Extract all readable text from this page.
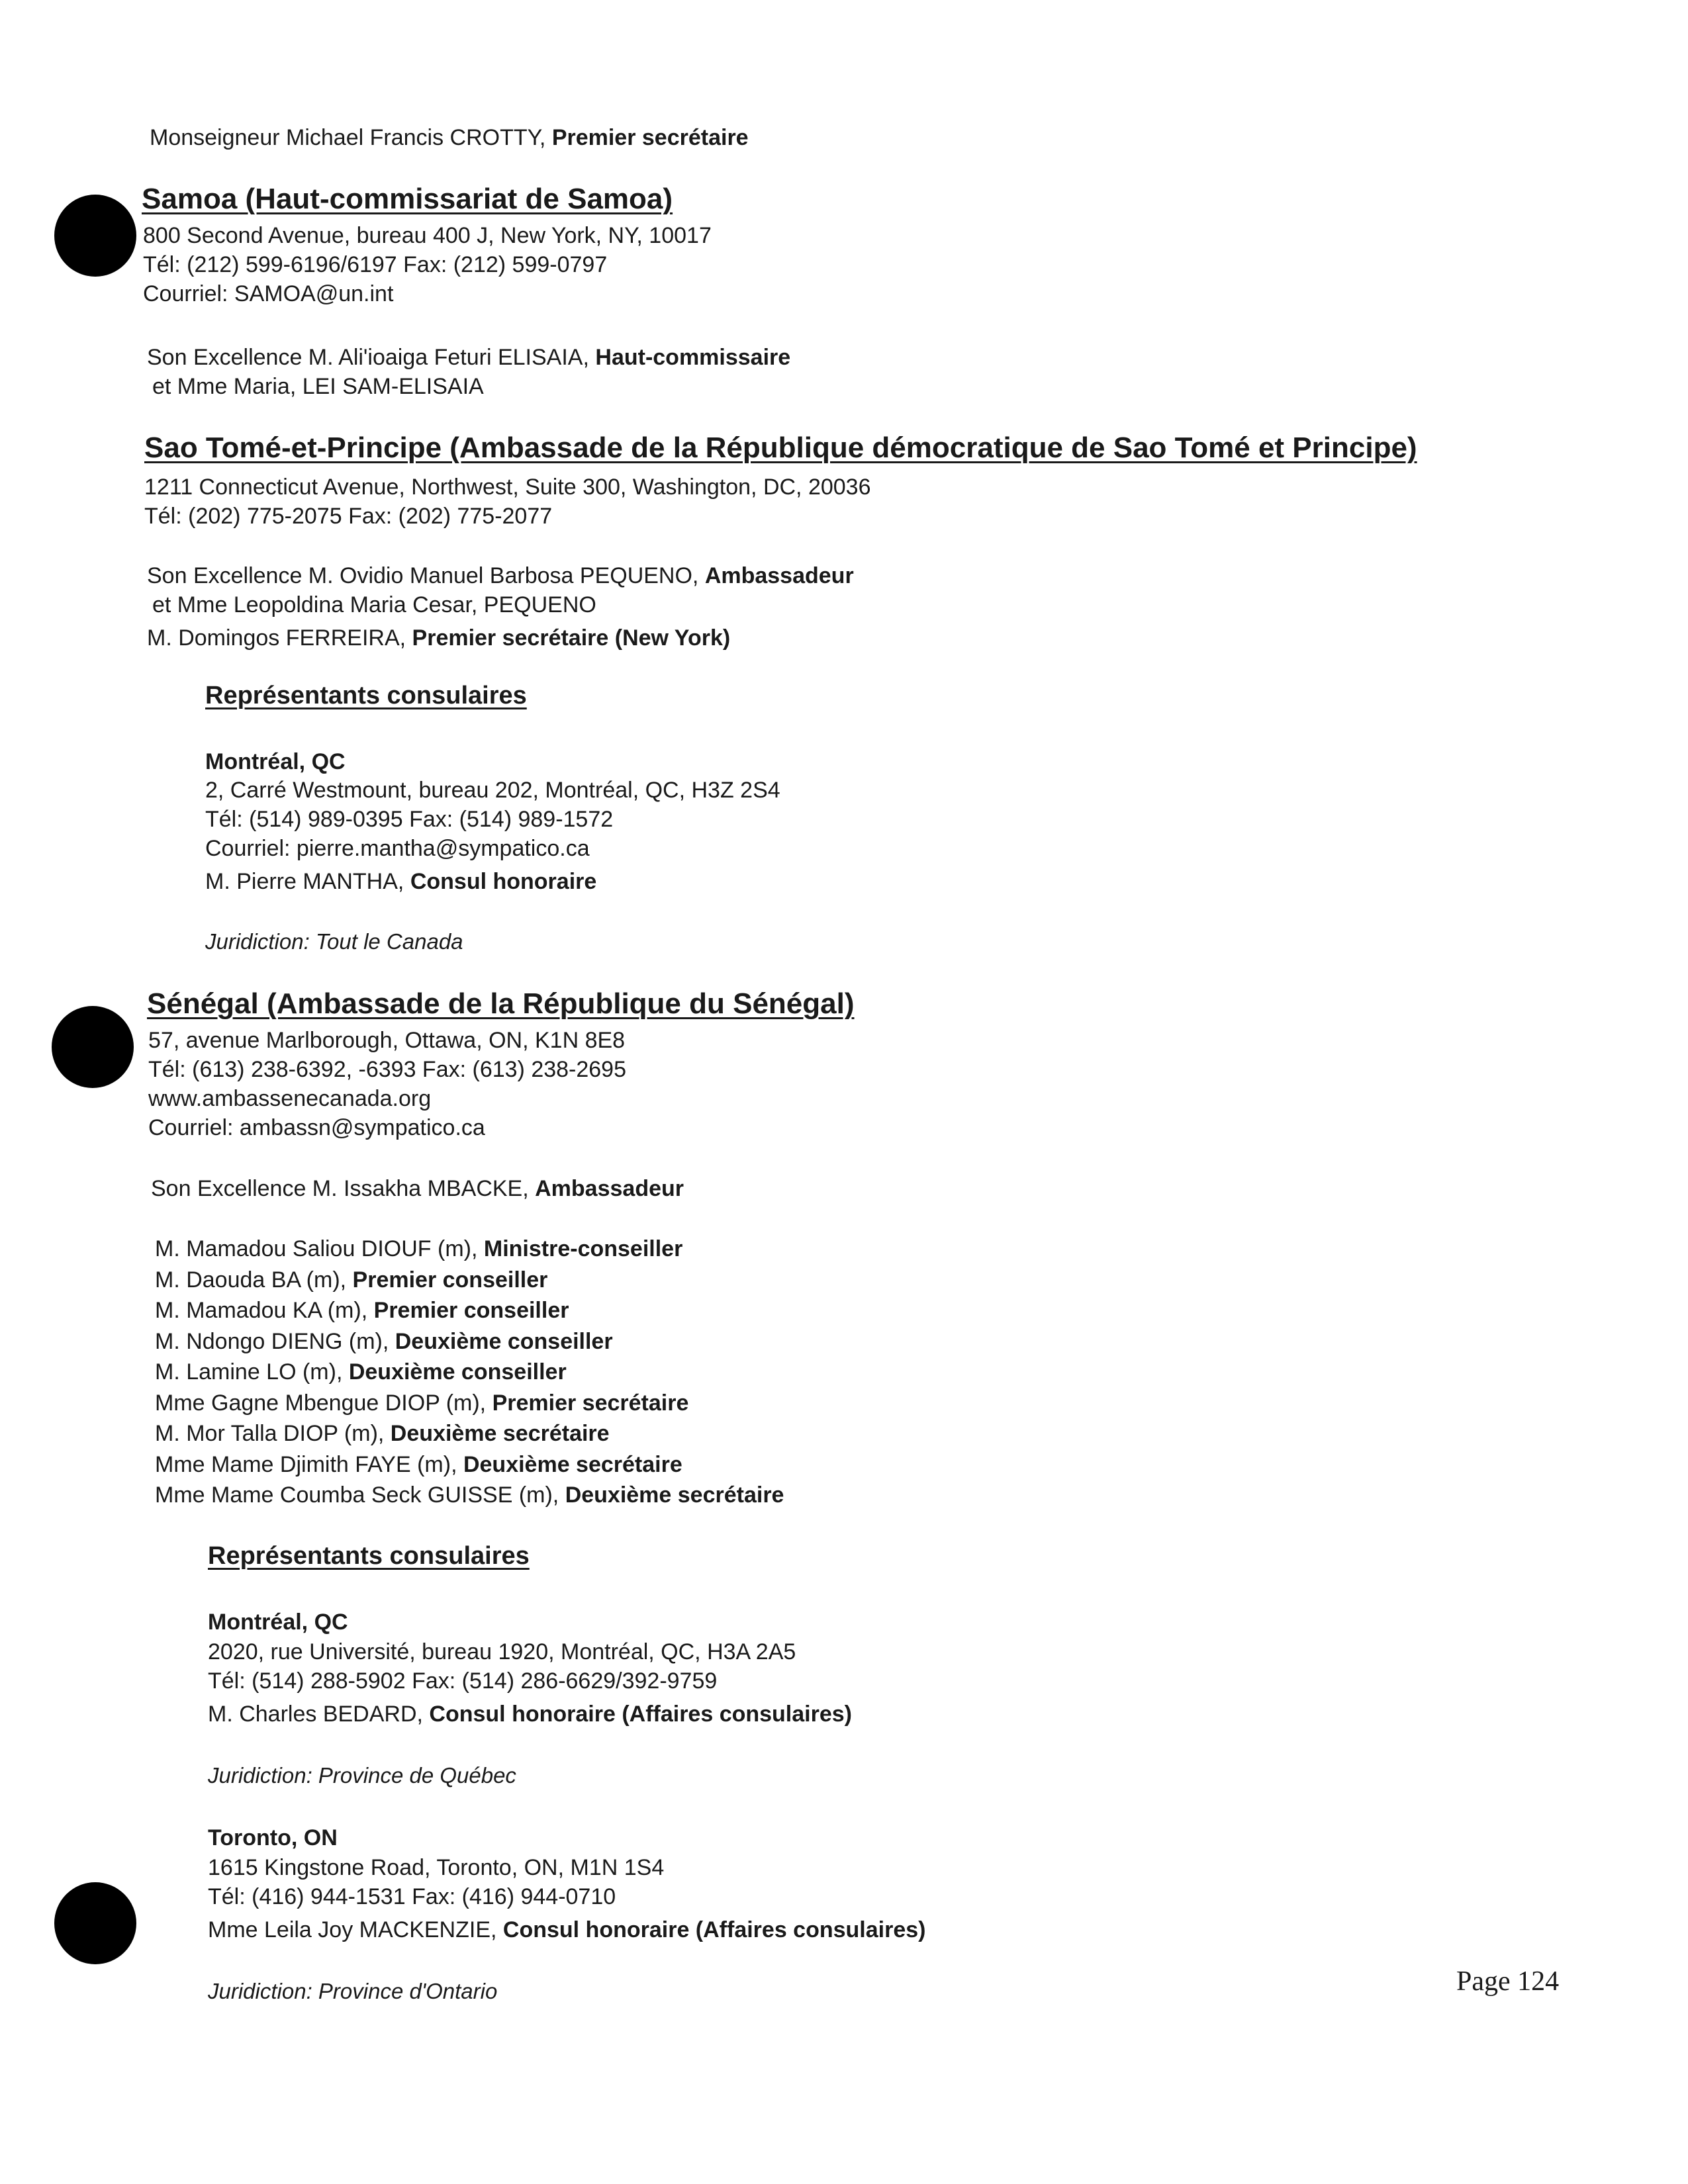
Monseigneur Michael Francis CROTTY, Premier secrétaire
Samoa (Haut-commissariat de Samoa)
800 Second Avenue, bureau 400 J, New York, NY, 10017
Tél: (212) 599-6196/6197 Fax: (212) 599-0797
Courriel: SAMOA@un.int
Son Excellence M. Ali'ioaiga Feturi ELISAIA, Haut-commissaire
et Mme Maria, LEI SAM-ELISAIA
Sao Tomé-et-Principe (Ambassade de la République démocratique de Sao Tomé et Principe)
1211 Connecticut Avenue, Northwest, Suite 300, Washington, DC, 20036
Tél: (202) 775-2075 Fax: (202) 775-2077
Son Excellence M. Ovidio Manuel Barbosa PEQUENO, Ambassadeur
et Mme Leopoldina Maria Cesar, PEQUENO
M. Domingos FERREIRA, Premier secrétaire (New York)
Représentants consulaires
Montréal, QC
2, Carré Westmount, bureau 202, Montréal, QC, H3Z 2S4
Tél: (514) 989-0395 Fax: (514) 989-1572
Courriel: pierre.mantha@sympatico.ca
M. Pierre MANTHA, Consul honoraire
Juridiction: Tout le Canada
Sénégal (Ambassade de la République du Sénégal)
57, avenue Marlborough, Ottawa, ON, K1N 8E8
Tél: (613) 238-6392, -6393 Fax: (613) 238-2695
www.ambassenecanada.org
Courriel: ambassn@sympatico.ca
Son Excellence M. Issakha MBACKE, Ambassadeur
M. Mamadou Saliou DIOUF (m), Ministre-conseiller
M. Daouda BA (m), Premier conseiller
M. Mamadou KA (m), Premier conseiller
M. Ndongo DIENG (m), Deuxième conseiller
M. Lamine LO (m), Deuxième conseiller
Mme Gagne Mbengue DIOP (m), Premier secrétaire
M. Mor Talla DIOP (m), Deuxième secrétaire
Mme Mame Djimith FAYE (m), Deuxième secrétaire
Mme Mame Coumba Seck GUISSE (m), Deuxième secrétaire
Représentants consulaires
Montréal, QC
2020, rue Université, bureau 1920, Montréal, QC, H3A 2A5
Tél: (514) 288-5902 Fax: (514) 286-6629/392-9759
M. Charles BEDARD, Consul honoraire (Affaires consulaires)
Juridiction: Province de Québec
Toronto, ON
1615 Kingstone Road, Toronto, ON, M1N 1S4
Tél: (416) 944-1531 Fax: (416) 944-0710
Mme Leila Joy MACKENZIE, Consul honoraire (Affaires consulaires)
Juridiction: Province d'Ontario	Page 124
